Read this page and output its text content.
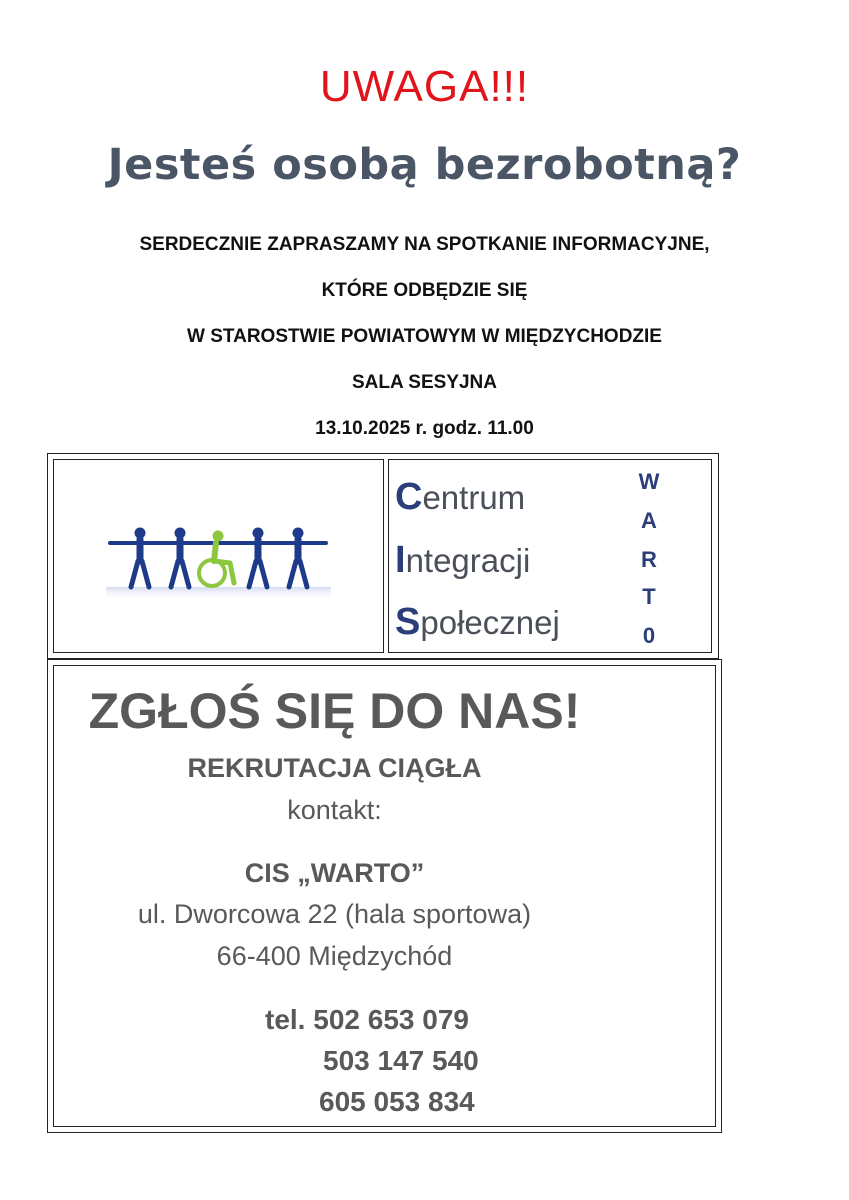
UWAGA!!!
Jesteś osobą bezrobotną?
SERDECZNIE ZAPRASZAMY NA SPOTKANIE INFORMACYJNE,
KTÓRE ODBĘDZIE SIĘ
W STAROSTWIE POWIATOWYM W MIĘDZYCHODZIE
SALA SESYJNA
13.10.2025 r. godz. 11.00
Centrum
Integracji
Społecznej
W
A
R
T
0
ZGŁOŚ SIĘ DO NAS!
REKRUTACJA CIĄGŁA
kontakt:
CIS „WARTO”
ul. Dworcowa 22 (hala sportowa)
66-400 Międzychód
tel. 502 653 079
503 147 540
605 053 834
